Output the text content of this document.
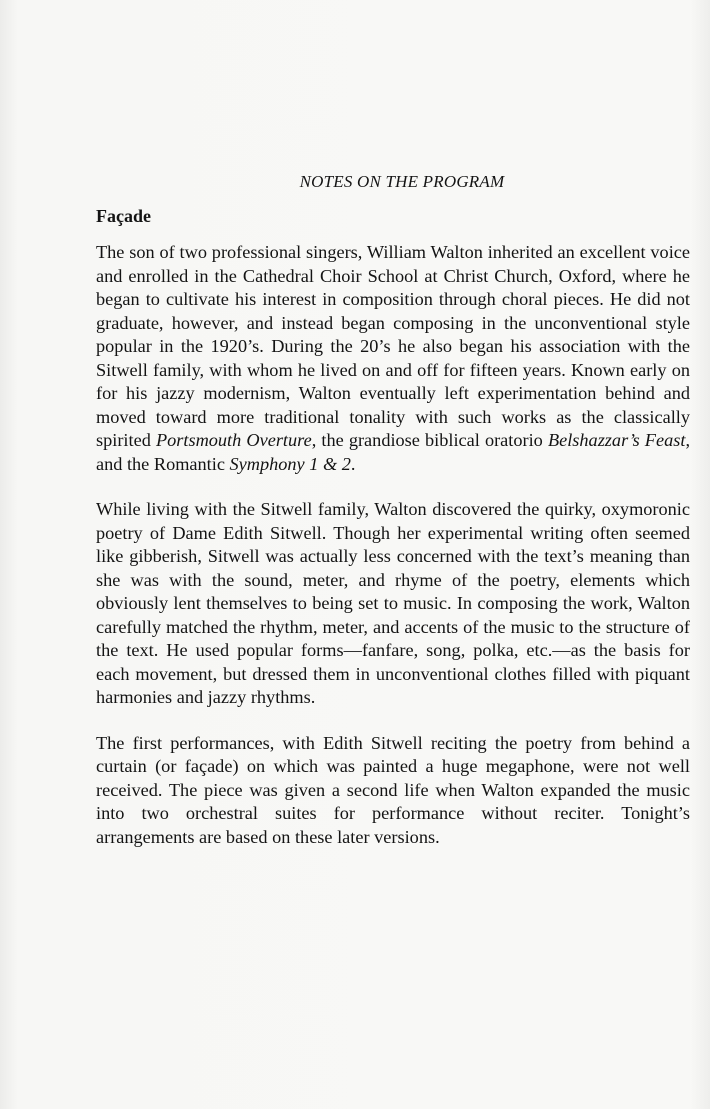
NOTES ON THE PROGRAM
Façade

The son of two professional singers, William Walton inherited an excellent voice and enrolled in the Cathedral Choir School at Christ Church, Oxford, where he began to cultivate his interest in composition through choral pieces. He did not graduate, however, and instead began composing in the unconventional style popular in the 1920’s. During the 20’s he also began his association with the Sitwell family, with whom he lived on and off for fifteen years. Known early on for his jazzy modernism, Walton eventually left experimentation behind and moved toward more traditional tonality with such works as the classically spirited Portsmouth Overture, the grandiose biblical oratorio Belshazzar’s Feast, and the Romantic Symphony 1 & 2.

While living with the Sitwell family, Walton discovered the quirky, oxymoronic poetry of Dame Edith Sitwell. Though her experimental writing often seemed like gibberish, Sitwell was actually less concerned with the text’s meaning than she was with the sound, meter, and rhyme of the poetry, elements which obviously lent themselves to being set to music. In composing the work, Walton carefully matched the rhythm, meter, and accents of the music to the structure of the text. He used popular forms—fanfare, song, polka, etc.—as the basis for each movement, but dressed them in unconventional clothes filled with piquant harmonies and jazzy rhythms.

The first performances, with Edith Sitwell reciting the poetry from behind a curtain (or façade) on which was painted a huge megaphone, were not well received. The piece was given a second life when Walton expanded the music into two orchestral suites for performance without reciter. Tonight’s arrangements are based on these later versions.
